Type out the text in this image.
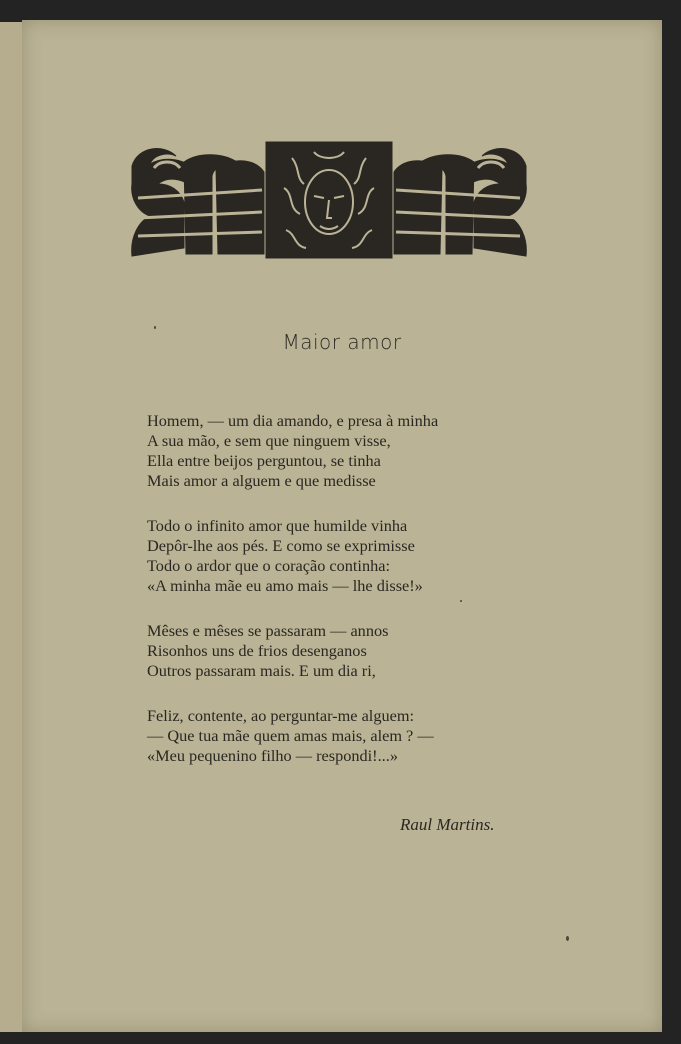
Maior amor
Homem, — um dia amando, e presa à minha
A sua mão, e sem que ninguem visse,
Ella entre beijos perguntou, se tinha
Mais amor a alguem e que medisse
Todo o infinito amor que humilde vinha
Depôr-lhe aos pés. E como se exprimisse
Todo o ardor que o coração continha:
«A minha mãe eu amo mais — lhe disse!»
Mêses e mêses se passaram — annos
Risonhos uns de frios desenganos
Outros passaram mais. E um dia ri,
Feliz, contente, ao perguntar-me alguem:
— Que tua mãe quem amas mais, alem ? —
«Meu pequenino filho — respondi!...»
Raul Martins.
